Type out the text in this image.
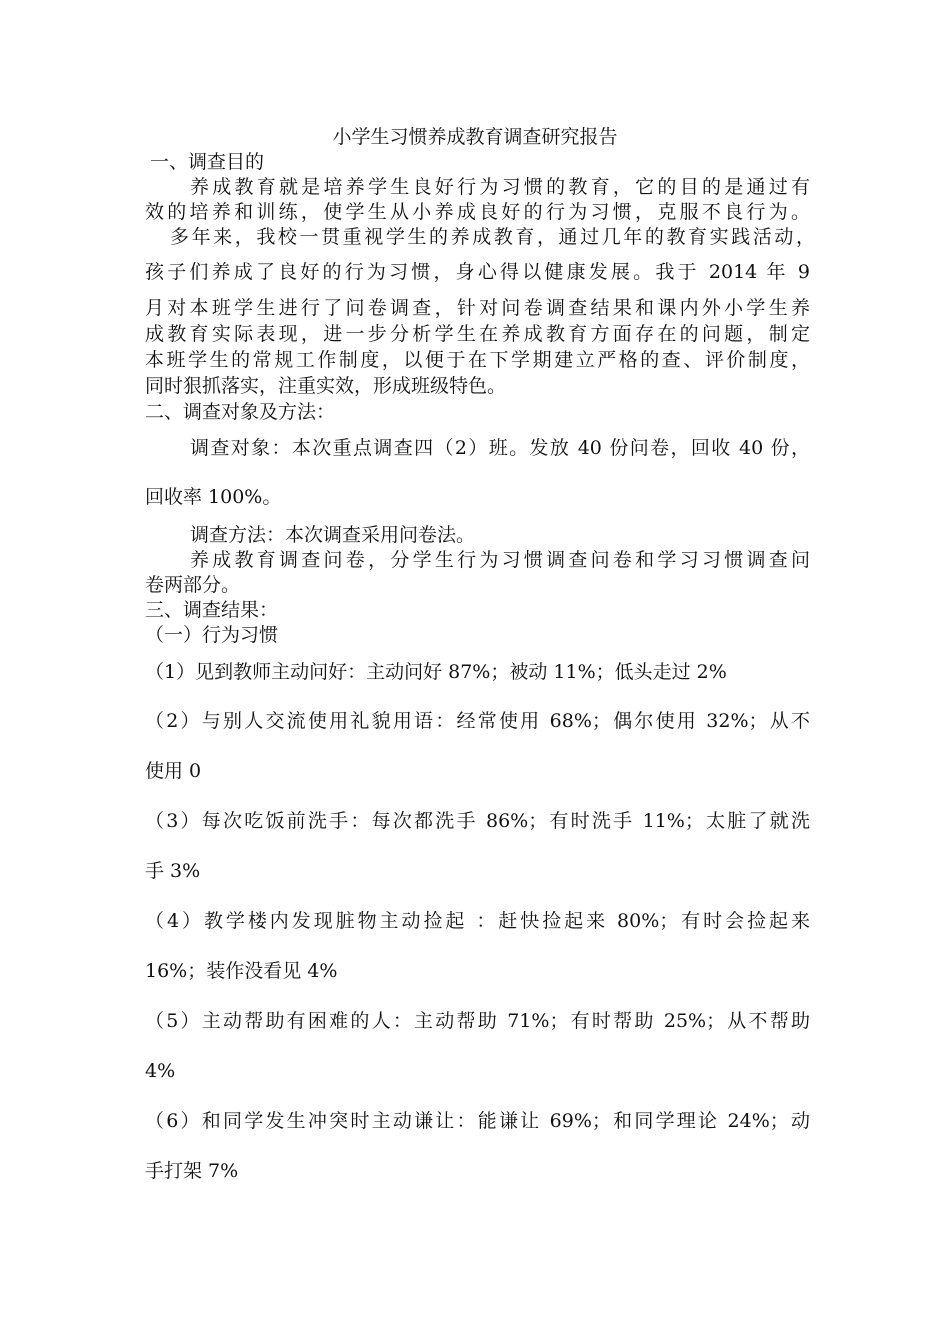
小学生习惯养成教育调查研究报告
一、调查目的
养成教育就是培养学生良好行为习惯的教育，它的目的是通过有
效的培养和训练，使学生从小养成良好的行为习惯，克服不良行为。
多年来，我校一贯重视学生的养成教育，通过几年的教育实践活动，
孩子们养成了良好的行为习惯，身心得以健康发展。我于 2014 年 9
月对本班学生进行了问卷调查，针对问卷调查结果和课内外小学生养
成教育实际表现，进一步分析学生在养成教育方面存在的问题，制定
本班学生的常规工作制度，以便于在下学期建立严格的查、评价制度，
同时狠抓落实，注重实效，形成班级特色。
二、调查对象及方法：
调查对象：本次重点调查四（2）班。发放 40 份问卷，回收 40 份，
回收率 100%。
调查方法：本次调查采用问卷法。
养成教育调查问卷，分学生行为习惯调查问卷和学习习惯调查问
卷两部分。
三、调查结果：
（一）行为习惯
（1）见到教师主动问好：主动问好 87%；被动 11%；低头走过 2%
（2）与别人交流使用礼貌用语：经常使用 68%；偶尔使用 32%；从不
使用 0
（3）每次吃饭前洗手：每次都洗手 86%；有时洗手 11%；太脏了就洗
手 3%
（4）教学楼内发现脏物主动捡起 ：赶快捡起来 80%；有时会捡起来
16%；装作没看见 4%
（5）主动帮助有困难的人：主动帮助 71%；有时帮助 25%；从不帮助
4%
（6）和同学发生冲突时主动谦让：能谦让 69%；和同学理论 24%；动
手打架 7%
